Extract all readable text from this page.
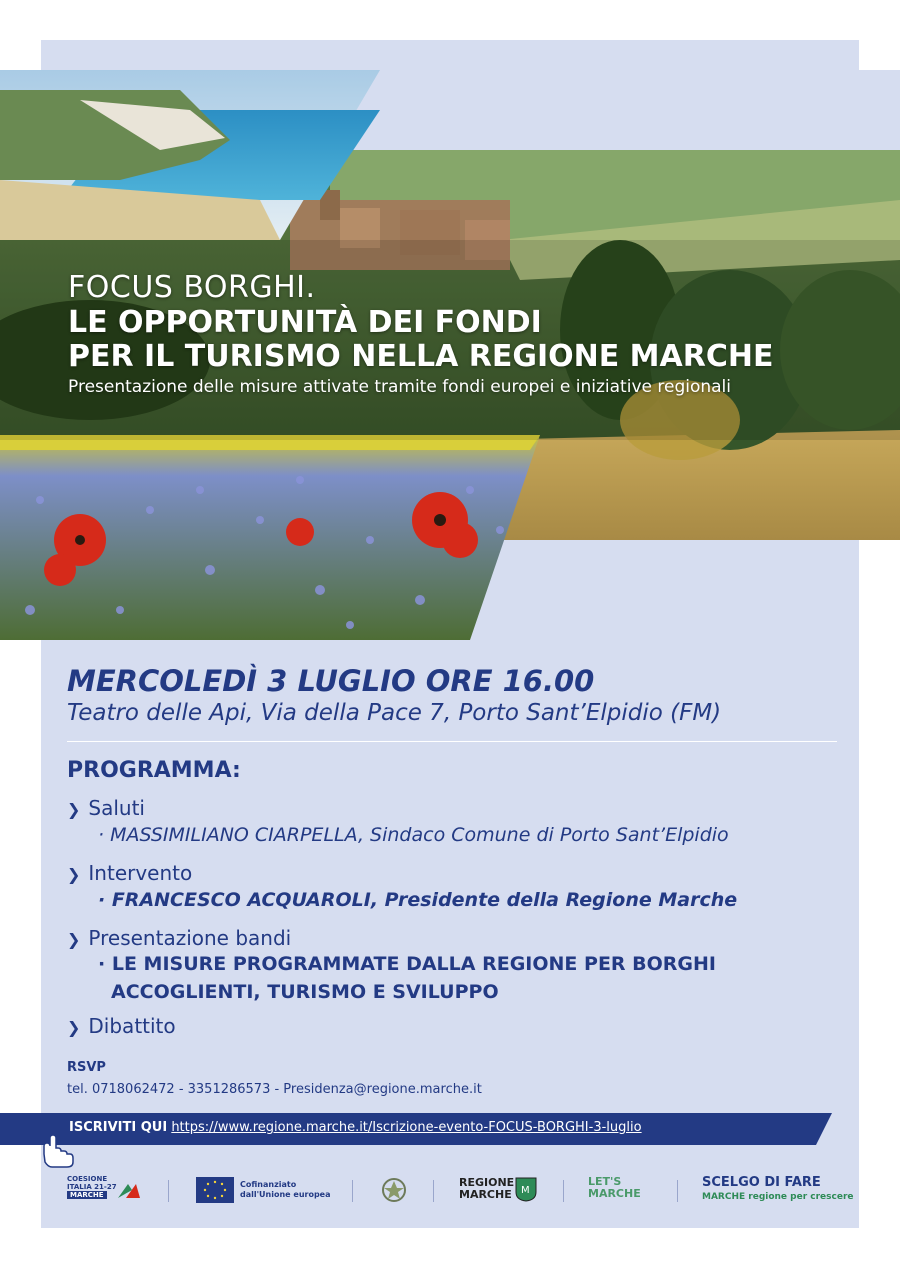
FOCUS BORGHI.
LE OPPORTUNITÀ DEI FONDI
PER IL TURISMO NELLA REGIONE MARCHE
Presentazione delle misure attivate tramite fondi europei e iniziative regionali
MERCOLEDÌ 3 LUGLIO ORE 16.00
Teatro delle Api, Via della Pace 7, Porto Sant’Elpidio (FM)
PROGRAMMA:
❯ Saluti
· MASSIMILIANO CIARPELLA, Sindaco Comune di Porto Sant’Elpidio
❯ Intervento
· FRANCESCO ACQUAROLI, Presidente della Regione Marche
❯ Presentazione bandi
· LE MISURE PROGRAMMATE DALLA REGIONE PER BORGHI
ACCOGLIENTI, TURISMO E SVILUPPO
❯ Dibattito
RSVP
tel. 0718062472 - 3351286573 - Presidenza@regione.marche.it
ISCRIVITI QUI https://www.regione.marche.it/Iscrizione-evento-FOCUS-BORGHI-3-luglio
COESIONE
ITALIA 21-27
MARCHE
Cofinanziato
dall'Unione europea
REGIONE
MARCHE M
LET'S
MARCHE
SCELGO DI FARE
MARCHE regione per crescere
